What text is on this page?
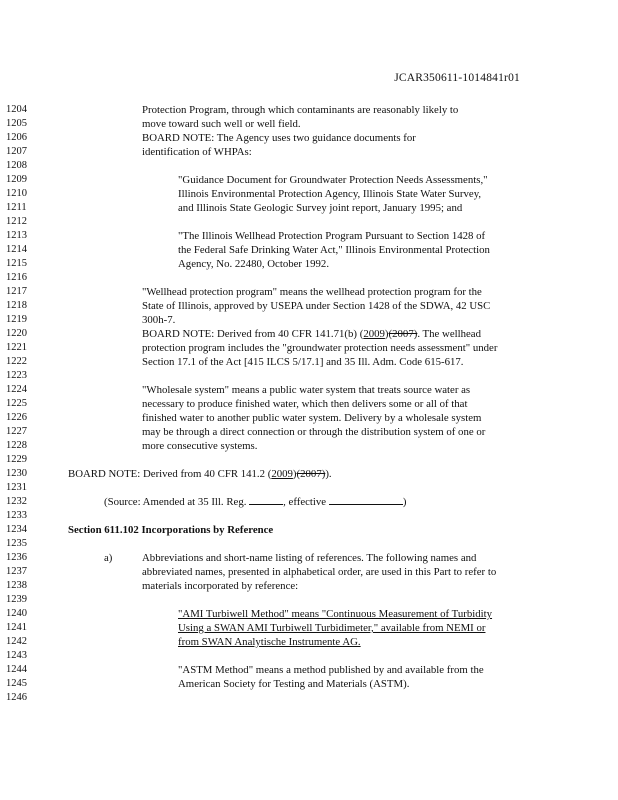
JCAR350611-1014841r01
1204
1205
1206
1207
1208
1209
1210
1211
1212
1213
1214
1215
1216
1217
1218
1219
1220
1221
1222
1223
1224
1225
1226
1227
1228
1229
1230
1231
1232
1233
1234
1235
1236
1237
1238
1239
1240
1241
1242
1243
1244
1245
1246
Protection Program, through which contaminants are reasonably likely to
move toward such well or well field.
BOARD NOTE: The Agency uses two guidance documents for
identification of WHPAs:
"Guidance Document for Groundwater Protection Needs Assessments,"
Illinois Environmental Protection Agency, Illinois State Water Survey,
and Illinois State Geologic Survey joint report, January 1995; and
"The Illinois Wellhead Protection Program Pursuant to Section 1428 of
the Federal Safe Drinking Water Act," Illinois Environmental Protection
Agency, No. 22480, October 1992.
"Wellhead protection program" means the wellhead protection program for the
State of Illinois, approved by USEPA under Section 1428 of the SDWA, 42 USC
300h-7.
BOARD NOTE: Derived from 40 CFR 141.71(b) (2009)(2007). The wellhead
protection program includes the "groundwater protection needs assessment" under
Section 17.1 of the Act [415 ILCS 5/17.1] and 35 Ill. Adm. Code 615-617.
"Wholesale system" means a public water system that treats source water as
necessary to produce finished water, which then delivers some or all of that
finished water to another public water system. Delivery by a wholesale system
may be through a direct connection or through the distribution system of one or
more consecutive systems.
BOARD NOTE: Derived from 40 CFR 141.2 (2009)(2007)).
(Source: Amended at 35 Ill. Reg.	, effective	)
Section 611.102 Incorporations by Reference
a)	Abbreviations and short-name listing of references. The following names and
abbreviated names, presented in alphabetical order, are used in this Part to refer to
materials incorporated by reference:
"AMI Turbiwell Method" means "Continuous Measurement of Turbidity
Using a SWAN AMI Turbiwell Turbidimeter," available from NEMI or
from SWAN Analytische Instrumente AG.
"ASTM Method" means a method published by and available from the
American Society for Testing and Materials (ASTM).
